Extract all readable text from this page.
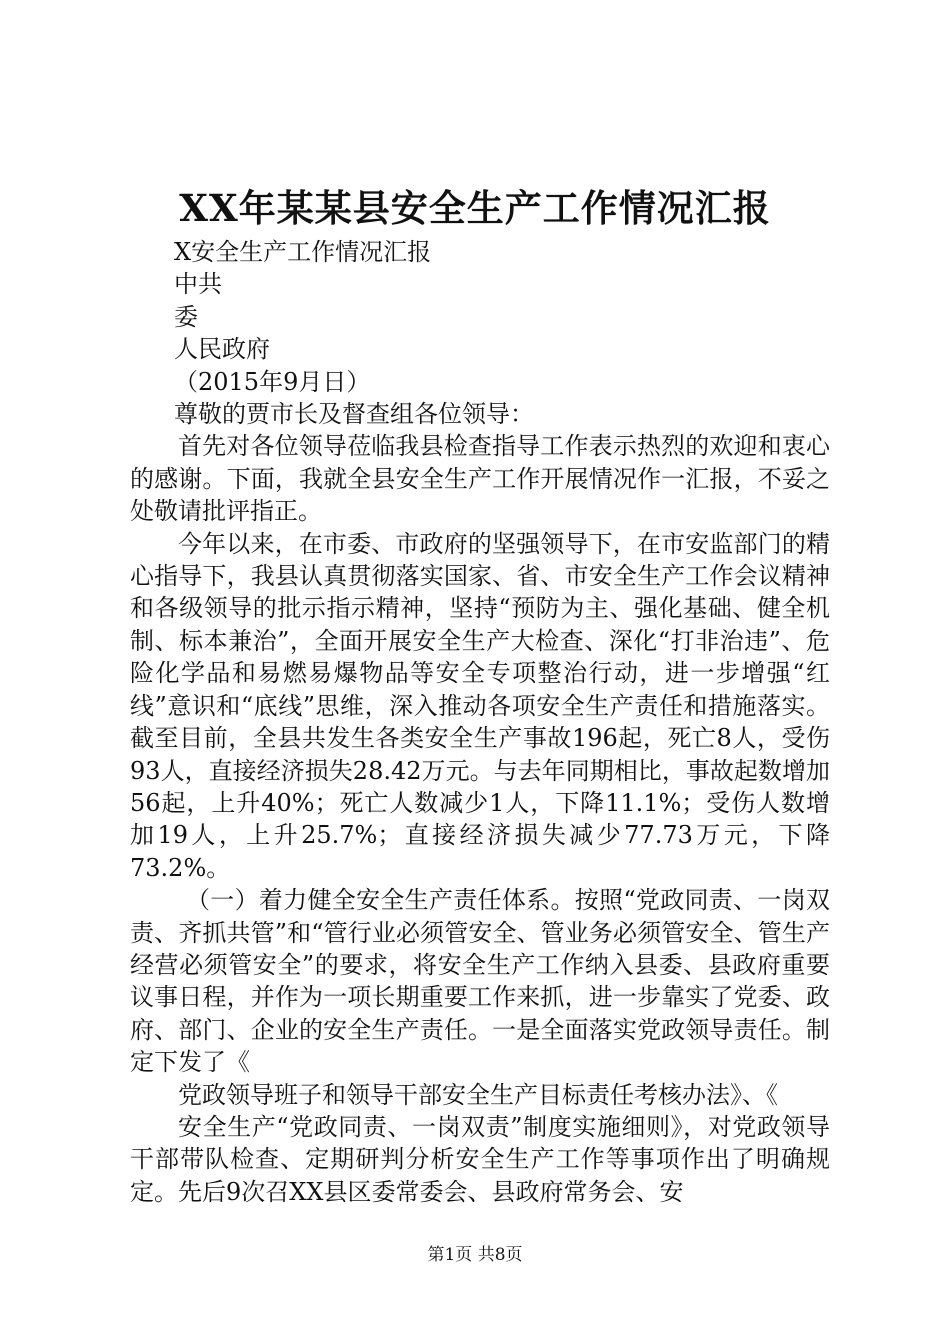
XX年某某县安全生产工作情况汇报

X安全生产工作情况汇报

中共

委

人民政府

（2015年9月日）

尊敬的贾市长及督查组各位领导：

首先对各位领导莅临我县检查指导工作表示热烈的欢迎和衷心的感谢。下面，我就全县安全生产工作开展情况作一汇报，不妥之处敬请批评指正。

今年以来，在市委、市政府的坚强领导下，在市安监部门的精心指导下，我县认真贯彻落实国家、省、市安全生产工作会议精神和各级领导的批示指示精神，坚持“预防为主、强化基础、健全机制、标本兼治”，全面开展安全生产大检查、深化“打非治违”、危险化学品和易燃易爆物品等安全专项整治行动，进一步增强“红线”意识和“底线”思维，深入推动各项安全生产责任和措施落实。截至目前，全县共发生各类安全生产事故196起，死亡8人，受伤93人，直接经济损失28.42万元。与去年同期相比，事故起数增加56起，上升40%；死亡人数减少1人，下降11.1%；受伤人数增加19人，上升25.7%；直接经济损失减少77.73万元，下降73.2%。

（一）着力健全安全生产责任体系。按照“党政同责、一岗双责、齐抓共管”和“管行业必须管安全、管业务必须管安全、管生产经营必须管安全”的要求，将安全生产工作纳入县委、县政府重要议事日程，并作为一项长期重要工作来抓，进一步靠实了党委、政府、部门、企业的安全生产责任。一是全面落实党政领导责任。制定下发了《

党政领导班子和领导干部安全生产目标责任考核办法》、《

安全生产“党政同责、一岗双责”制度实施细则》，对党政领导干部带队检查、定期研判分析安全生产工作等事项作出了明确规定。先后9次召XX县区委常委会、县政府常务会、安

第1页 共8页
